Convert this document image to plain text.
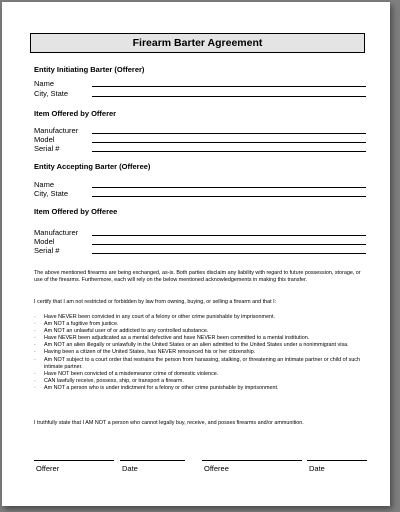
Firearm Barter Agreement
Entity Initiating Barter (Offerer)
Name
City, State
Item Offered by Offerer
Manufacturer
Model
Serial #
Entity Accepting Barter (Offeree)
Name
City, State
Item Offered by Offeree
Manufacturer
Model
Serial #
The above mentioned firearms are being exchanged, as-is. Both parties disclaim any liability with regard to future possession, storage, or use of the firearms. Furthermore, each will rely on the below mentioned acknowledgements in making this transfer.
I certify that I am not restricted or forbidden by law from owning, buying, or selling a firearm and that I:
· Have NEVER been convicted in any court of a felony or other crime punishable by imprisonment.
· Am NOT a fugitive from justice.
· Am NOT an unlawful user of or addicted to any controlled substance.
· Have NEVER been adjudicated as a mental defective and have NEVER been committed to a mental institution.
· Am NOT an alien illegally or unlawfully in the United States or an alien admitted to the United States under a nonimmigrant visa.
· Having been a citizen of the United States, has NEVER renounced his or her citizenship.
· Am NOT subject to a court order that restrains the person from harassing, stalking, or threatening an intimate partner or child of such intimate partner.
· Have NOT been convicted of a misdemeanor crime of domestic violence.
· CAN lawfully receive, possess, ship, or transport a firearm.
· Am NOT a person who is under indictment for a felony or other crime punishable by imprisonment.
I truthfully state that I AM NOT a person who cannot legally buy, receive, and posses firearms and/or ammunition.
Offerer	Date	Offeree	Date
